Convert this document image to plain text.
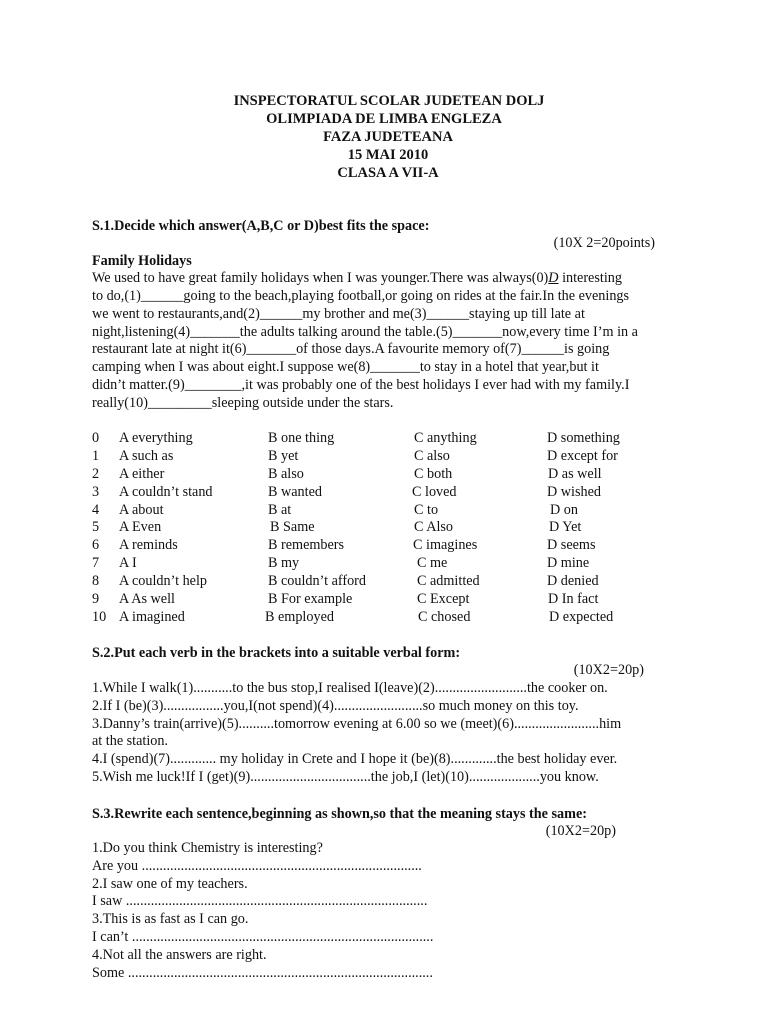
INSPECTORATUL SCOLAR JUDETEAN DOLJ
OLIMPIADA DE LIMBA ENGLEZA
FAZA JUDETEANA
15 MAI 2010
CLASA A VII-A
S.1.Decide which answer(A,B,C or D)best fits the space:
(10X 2=20points)
Family Holidays
We used to have great family holidays when I was younger.There was always(0)D interesting
to do,(1)______going to the beach,playing football,or going on rides at the fair.In the evenings
we went to restaurants,and(2)______my brother and me(3)______staying up till late at
night,listening(4)_______the adults talking around the table.(5)_______now,every time I’m in a
restaurant late at night it(6)_______of those days.A favourite memory of(7)______is going
camping when I was about eight.I suppose we(8)_______to stay in a hotel that year,but it
didn’t matter.(9)________,it was probably one of the best holidays I ever had with my family.I
really(10)_________sleeping outside under the stars.
0 A everything	B one thing	C anything	D something
1 A such as	B yet	C also	D except for
2 A either	B also	C both	D as well
3 A couldn’t stand	B wanted	C loved	D wished
4 A about	B at	C to	D on
5 A Even	B Same	C Also	D Yet
6 A reminds	B remembers	C imagines	D seems
7 A I	B my	C me	D mine
8 A couldn’t help	B couldn’t afford	C admitted	D denied
9 A As well	B For example	C Except	D In fact
10 A imagined	B employed	C chosed	D expected
S.2.Put each verb in the brackets into a suitable verbal form:
(10X2=20p)
1.While I walk(1)...........to the bus stop,I realised I(leave)(2)..........................the cooker on.
2.If I (be)(3).................you,I(not spend)(4).........................so much money on this toy.
3.Danny’s train(arrive)(5)..........tomorrow evening at 6.00 so we (meet)(6)........................him
at the station.
4.I (spend)(7)............. my holiday in Crete and I hope it (be)(8).............the best holiday ever.
5.Wish me luck!If I (get)(9)..................................the job,I (let)(10)....................you know.
S.3.Rewrite each sentence,beginning as shown,so that the meaning stays the same:
(10X2=20p)
1.Do you think Chemistry is interesting?
Are you ...............................................................................
2.I saw one of my teachers.
I saw .....................................................................................
3.This is as fast as I can go.
I can’t .....................................................................................
4.Not all the answers are right.
Some ......................................................................................
